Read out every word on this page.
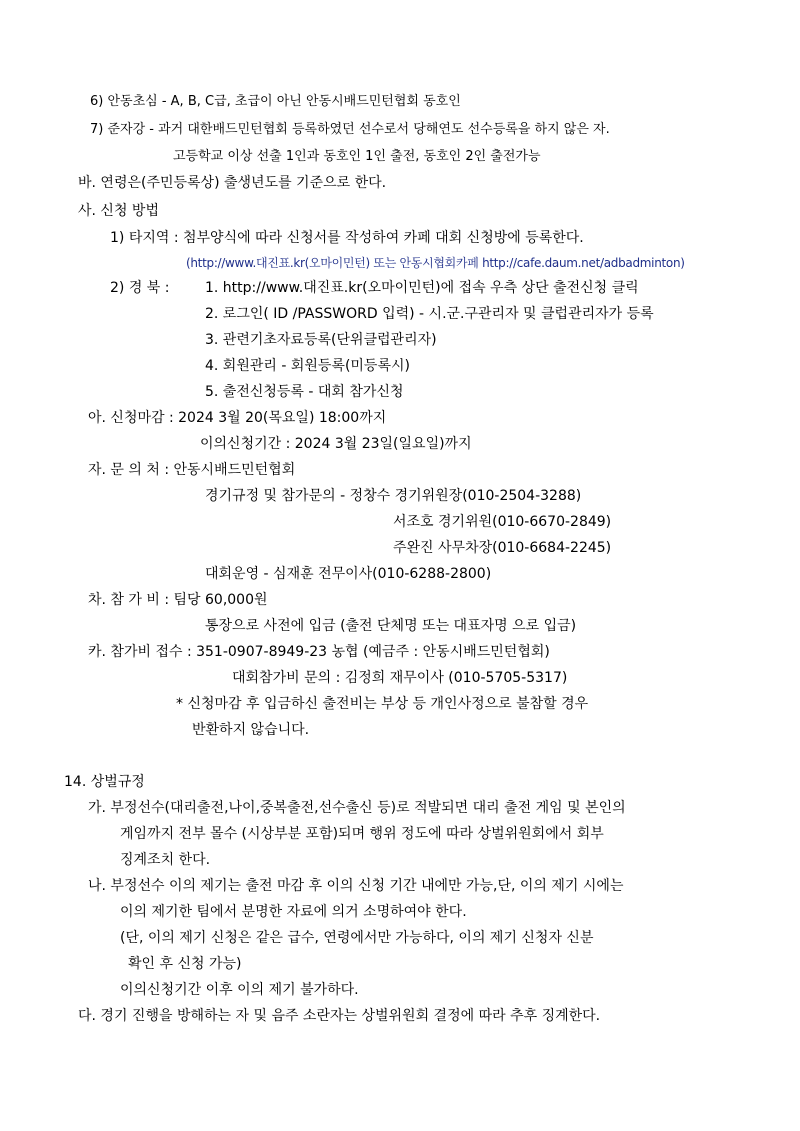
6) 안동초심 - A, B, C급, 초급이 아닌 안동시배드민턴협회 동호인
7) 준자강 - 과거 대한배드민턴협회 등록하였던 선수로서 당해연도 선수등록을 하지 않은 자.
고등학교 이상 선출 1인과 동호인 1인 출전, 동호인 2인 출전가능
바. 연령은(주민등록상) 출생년도를 기준으로 한다.
사. 신청 방법
1) 타지역 : 첨부양식에 따라 신청서를 작성하여 카페 대회 신청방에 등록한다.
(http://www.대진표.kr(오마이민턴) 또는 안동시협회카페 http://cafe.daum.net/adbadminton)
2) 경 북 :	1. http://www.대진표.kr(오마이민턴)에 접속 우측 상단 출전신청 클릭
2. 로그인( ID /PASSWORD 입력) - 시.군.구관리자 및 클럽관리자가 등록
3. 관련기초자료등록(단위클럽관리자)
4. 회원관리 - 회원등록(미등록시)
5. 출전신청등록 - 대회 참가신청
아. 신청마감 : 2024 3월 20(목요일) 18:00까지
이의신청기간 : 2024 3월 23일(일요일)까지
자. 문 의 처 : 안동시배드민턴협회
경기규정 및 참가문의 - 정창수 경기위원장(010-2504-3288)
서조호 경기위원(010-6670-2849)
주완진 사무차장(010-6684-2245)
대회운영 - 심재훈 전무이사(010-6288-2800)
차. 참 가 비 : 팀당 60,000원
통장으로 사전에 입금 (출전 단체명 또는 대표자명 으로 입금)
카. 참가비 접수 : 351-0907-8949-23 농협 (예금주 : 안동시배드민턴협회)
대회참가비 문의 : 김정희 재무이사 (010-5705-5317)
* 신청마감 후 입금하신 출전비는 부상 등 개인사정으로 불참할 경우
반환하지 않습니다.
14. 상벌규정
가. 부정선수(대리출전,나이,중복출전,선수출신 등)로 적발되면 대리 출전 게임 및 본인의
게임까지 전부 몰수 (시상부분 포함)되며 행위 정도에 따라 상벌위원회에서 회부
징계조치 한다.
나. 부정선수 이의 제기는 출전 마감 후 이의 신청 기간 내에만 가능,단, 이의 제기 시에는
이의 제기한 팀에서 분명한 자료에 의거 소명하여야 한다.
(단, 이의 제기 신청은 같은 급수, 연령에서만 가능하다, 이의 제기 신청자 신분
확인 후 신청 가능)
이의신청기간 이후 이의 제기 불가하다.
다. 경기 진행을 방해하는 자 및 음주 소란자는 상벌위원회 결정에 따라 추후 징계한다.
